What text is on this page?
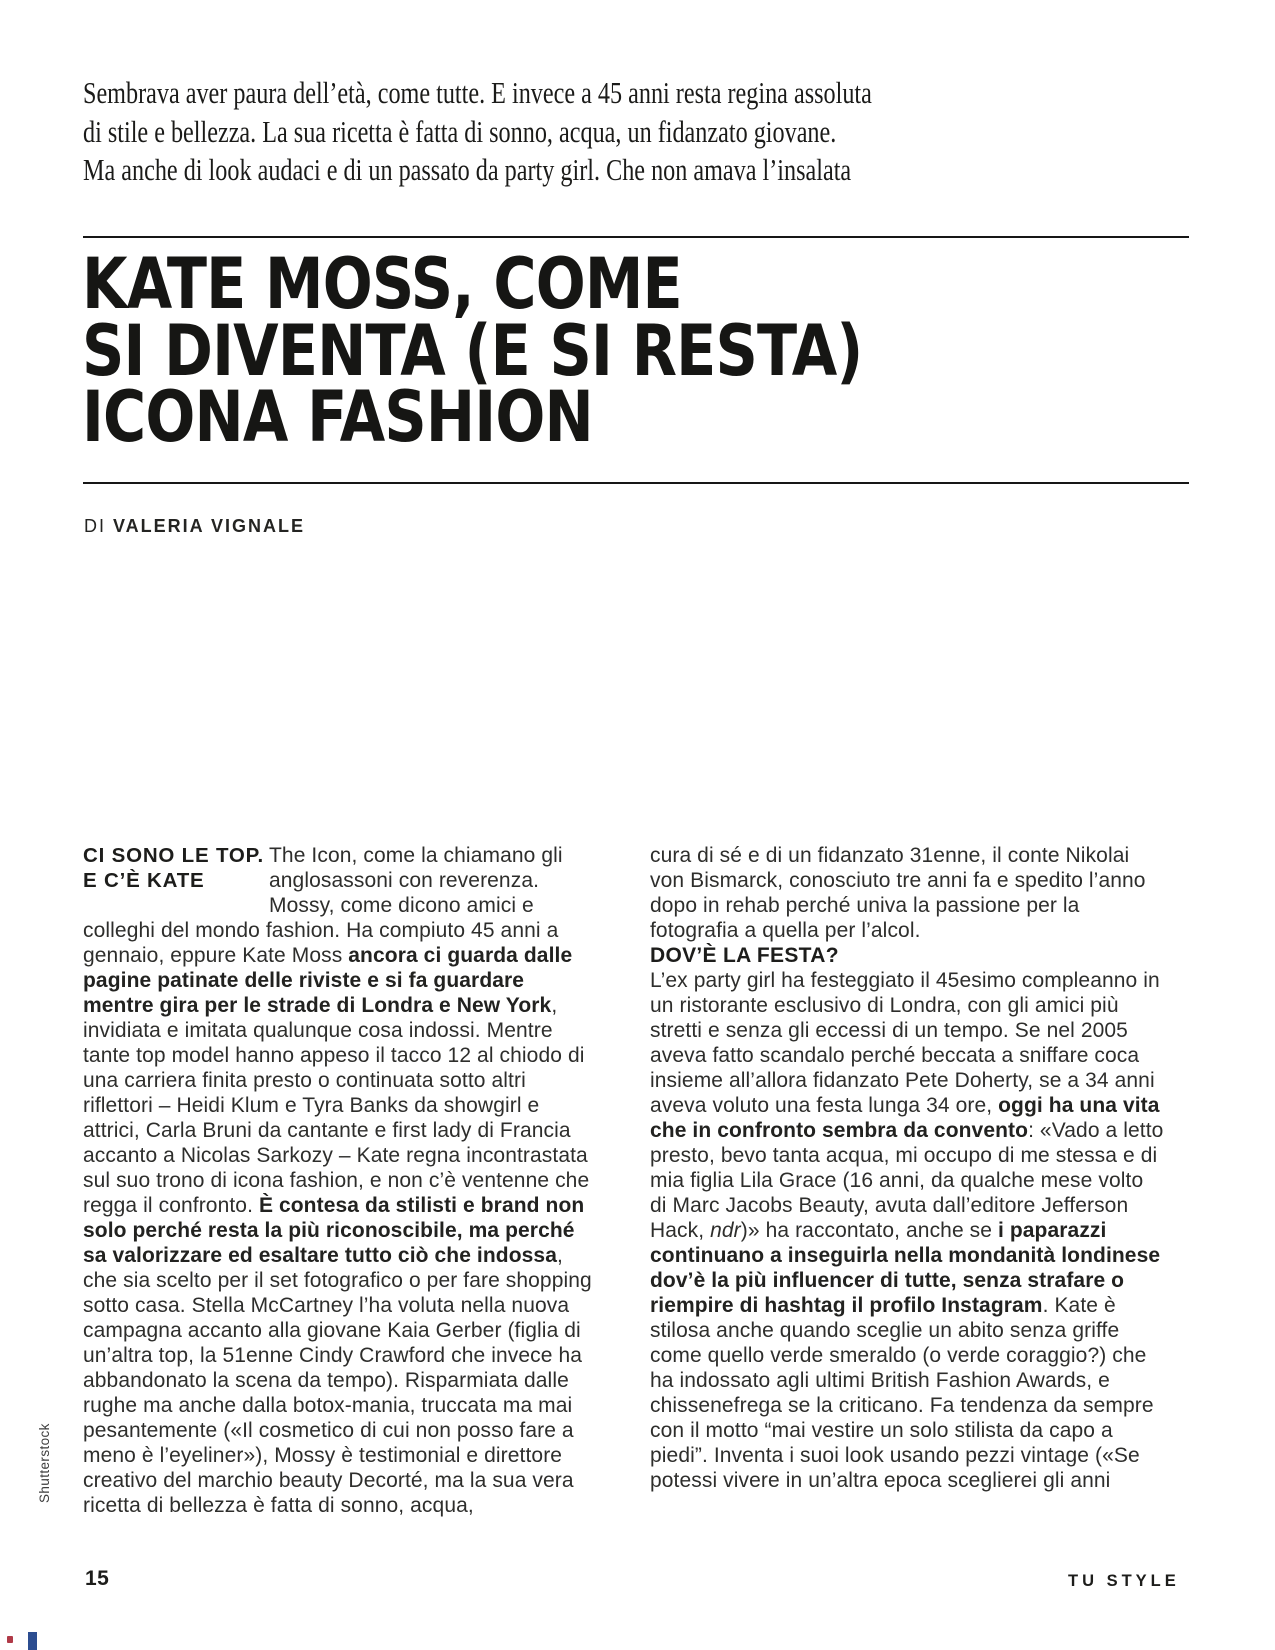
Sembrava aver paura dell’età, come tutte. E invece a 45 anni resta regina assoluta
di stile e bellezza. La sua ricetta è fatta di sonno, acqua, un fidanzato giovane.
Ma anche di look audaci e di un passato da party girl. Che non amava l’insalata
KATE MOSS, COME
SI DIVENTA (E SI RESTA)
ICONA FASHION
DI VALERIA VIGNALE
CI SONO LE TOP.
E C’È KATE

The Icon, come la chiamano gli anglosassoni con reverenza. Mossy, come dicono amici e colleghi del mondo fashion. Ha compiuto 45 anni a gennaio, eppure Kate Moss ancora ci guarda dalle pagine patinate delle riviste e si fa guardare mentre gira per le strade di Londra e New York, invidiata e imitata qualunque cosa indossi. Mentre tante top model hanno appeso il tacco 12 al chiodo di una carriera finita presto o continuata sotto altri riflettori – Heidi Klum e Tyra Banks da showgirl e attrici, Carla Bruni da cantante e first lady di Francia accanto a Nicolas Sarkozy – Kate regna incontrastata sul suo trono di icona fashion, e non c’è ventenne che regga il confronto. È contesa da stilisti e brand non solo perché resta la più riconoscibile, ma perché sa valorizzare ed esaltare tutto ciò che indossa, che sia scelto per il set fotografico o per fare shopping sotto casa. Stella McCartney l’ha voluta nella nuova campagna accanto alla giovane Kaia Gerber (figlia di un’altra top, la 51enne Cindy Crawford che invece ha abbandonato la scena da tempo). Risparmiata dalle rughe ma anche dalla botox-mania, truccata ma mai pesantemente («Il cosmetico di cui non posso fare a meno è l’eyeliner»), Mossy è testimonial e direttore creativo del marchio beauty Decorté, ma la sua vera ricetta di bellezza è fatta di sonno, acqua,

cura di sé e di un fidanzato 31enne, il conte Nikolai von Bismarck, conosciuto tre anni fa e spedito l’anno dopo in rehab perché univa la passione per la fotografia a quella per l’alcol.

DOV’È LA FESTA?

L’ex party girl ha festeggiato il 45esimo compleanno in un ristorante esclusivo di Londra, con gli amici più stretti e senza gli eccessi di un tempo. Se nel 2005 aveva fatto scandalo perché beccata a sniffare coca insieme all’allora fidanzato Pete Doherty, se a 34 anni aveva voluto una festa lunga 34 ore, oggi ha una vita che in confronto sembra da convento: «Vado a letto presto, bevo tanta acqua, mi occupo di me stessa e di mia figlia Lila Grace (16 anni, da qualche mese volto di Marc Jacobs Beauty, avuta dall’editore Jefferson Hack, ndr)» ha raccontato, anche se i paparazzi continuano a inseguirla nella mondanità londinese dov’è la più influencer di tutte, senza strafare o riempire di hashtag il profilo Instagram. Kate è stilosa anche quando sceglie un abito senza griffe come quello verde smeraldo (o verde coraggio?) che ha indossato agli ultimi British Fashion Awards, e chissenefrega se la criticano. Fa tendenza da sempre con il motto “mai vestire un solo stilista da capo a piedi”. Inventa i suoi look usando pezzi vintage («Se potessi vivere in un’altra epoca sceglierei gli anni

Shutterstock
15	TU STYLE
